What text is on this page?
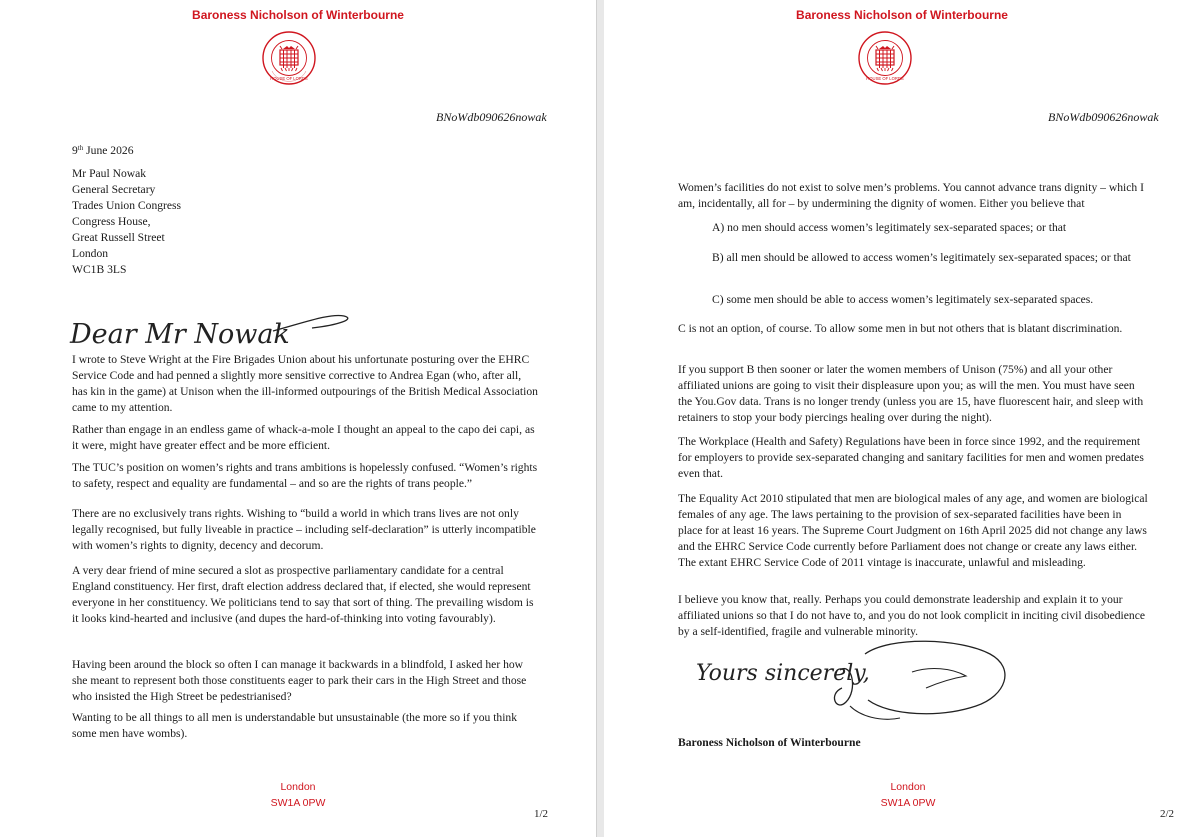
Baroness Nicholson of Winterbourne
HOUSE OF LORDS
BNoWdb090626nowak
9th June 2026
Mr Paul Nowak
General Secretary
Trades Union Congress
Congress House,
Great Russell Street
London
WC1B 3LS
Dear Mr Nowak

I wrote to Steve Wright at the Fire Brigades Union about his unfortunate posturing over the EHRC Service Code and had penned a slightly more sensitive corrective to Andrea Egan (who, after all, has kin in the game) at Unison when the ill-informed outpourings of the British Medical Association came to my attention.

Rather than engage in an endless game of whack-a-mole I thought an appeal to the capo dei capi, as it were, might have greater effect and be more efficient.

The TUC’s position on women’s rights and trans ambitions is hopelessly confused. “Women’s rights to safety, respect and equality are fundamental – and so are the rights of trans people.”

There are no exclusively trans rights. Wishing to “build a world in which trans lives are not only legally recognised, but fully liveable in practice – including self-declaration” is utterly incompatible with women’s rights to dignity, decency and decorum.

A very dear friend of mine secured a slot as prospective parliamentary candidate for a central England constituency. Her first, draft election address declared that, if elected, she would represent everyone in her constituency. We politicians tend to say that sort of thing. The prevailing wisdom is it looks kind-hearted and inclusive (and dupes the hard-of-thinking into voting favourably).

Having been around the block so often I can manage it backwards in a blindfold, I asked her how she meant to represent both those constituents eager to park their cars in the High Street and those who insisted the High Street be pedestrianised?

Wanting to be all things to all men is understandable but unsustainable (the more so if you think some men have wombs).

London
SW1A 0PW
1/2
Baroness Nicholson of Winterbourne
HOUSE OF LORDS
BNoWdb090626nowak

Women’s facilities do not exist to solve men’s problems. You cannot advance trans dignity – which I am, incidentally, all for – by undermining the dignity of women. Either you believe that

A) no men should access women’s legitimately sex-separated spaces; or that

B) all men should be allowed to access women’s legitimately sex-separated spaces; or that

C) some men should be able to access women’s legitimately sex-separated spaces.

C is not an option, of course. To allow some men in but not others that is blatant discrimination.

If you support B then sooner or later the women members of Unison (75%) and all your other affiliated unions are going to visit their displeasure upon you; as will the men. You must have seen the You.Gov data. Trans is no longer trendy (unless you are 15, have fluorescent hair, and sleep with retainers to stop your body piercings healing over during the night).

The Workplace (Health and Safety) Regulations have been in force since 1992, and the requirement for employers to provide sex-separated changing and sanitary facilities for men and women predates even that.

The Equality Act 2010 stipulated that men are biological males of any age, and women are biological females of any age. The laws pertaining to the provision of sex-separated facilities have been in place for at least 16 years. The Supreme Court Judgment on 16th April 2025 did not change any laws and the EHRC Service Code currently before Parliament does not change or create any laws either. The extant EHRC Service Code of 2011 vintage is inaccurate, unlawful and misleading.

I believe you know that, really. Perhaps you could demonstrate leadership and explain it to your affiliated unions so that I do not have to, and you do not look complicit in inciting civil disobedience by a self-identified, fragile and vulnerable minority.

Yours sincerely,
Baroness Nicholson of Winterbourne
London
SW1A 0PW
2/2
